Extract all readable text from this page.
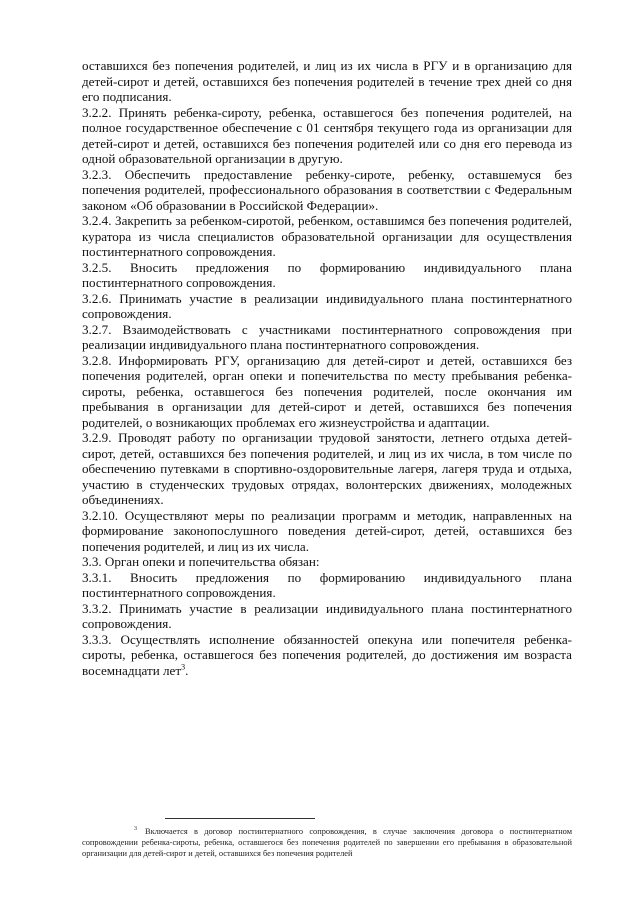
оставшихся без попечения родителей, и лиц из их числа в РГУ и в организацию для детей-сирот и детей, оставшихся без попечения родителей в течение трех дней со дня его подписания.

3.2.2. Принять ребенка-сироту, ребенка, оставшегося без попечения родителей, на полное государственное обеспечение с 01 сентября текущего года из организации для детей-сирот и детей, оставшихся без попечения родителей или со дня его перевода из одной образовательной организации в другую.

3.2.3. Обеспечить предоставление ребенку-сироте, ребенку, оставшемуся без попечения родителей, профессионального образования в соответствии с Федеральным законом «Об образовании в Российской Федерации».

3.2.4. Закрепить за ребенком-сиротой, ребенком, оставшимся без попечения родителей, куратора из числа специалистов образовательной организации для осуществления постинтернатного сопровождения.

3.2.5. Вносить предложения по формированию индивидуального плана постинтернатного сопровождения.

3.2.6. Принимать участие в реализации индивидуального плана постинтернатного сопровождения.

3.2.7. Взаимодействовать с участниками постинтернатного сопровождения при реализации индивидуального плана постинтернатного сопровождения.

3.2.8. Информировать РГУ, организацию для детей-сирот и детей, оставшихся без попечения родителей, орган опеки и попечительства по месту пребывания ребенка-сироты, ребенка, оставшегося без попечения родителей, после окончания им пребывания в организации для детей-сирот и детей, оставшихся без попечения родителей, о возникающих проблемах его жизнеустройства и адаптации.

3.2.9. Проводят работу по организации трудовой занятости, летнего отдыха детей-сирот, детей, оставшихся без попечения родителей, и лиц из их числа, в том числе по обеспечению путевками в спортивно-оздоровительные лагеря, лагеря труда и отдыха, участию в студенческих трудовых отрядах, волонтерских движениях, молодежных объединениях.

3.2.10. Осуществляют меры по реализации программ и методик, направленных на формирование законопослушного поведения детей-сирот, детей, оставшихся без попечения родителей, и лиц из их числа.

3.3. Орган опеки и попечительства обязан:

3.3.1. Вносить предложения по формированию индивидуального плана постинтернатного сопровождения.

3.3.2. Принимать участие в реализации индивидуального плана постинтернатного сопровождения.

3.3.3. Осуществлять исполнение обязанностей опекуна или попечителя ребенка-сироты, ребенка, оставшегося без попечения родителей, до достижения им возраста восемнадцати лет$^3$.

$^3$ Включается в договор постинтернатного сопровождения, в случае заключения договора о постинтернатном сопровождении ребенка-сироты, ребенка, оставшегося без попечения родителей по завершении его пребывания в образовательной организации для детей-сирот и детей, оставшихся без попечения родителей
